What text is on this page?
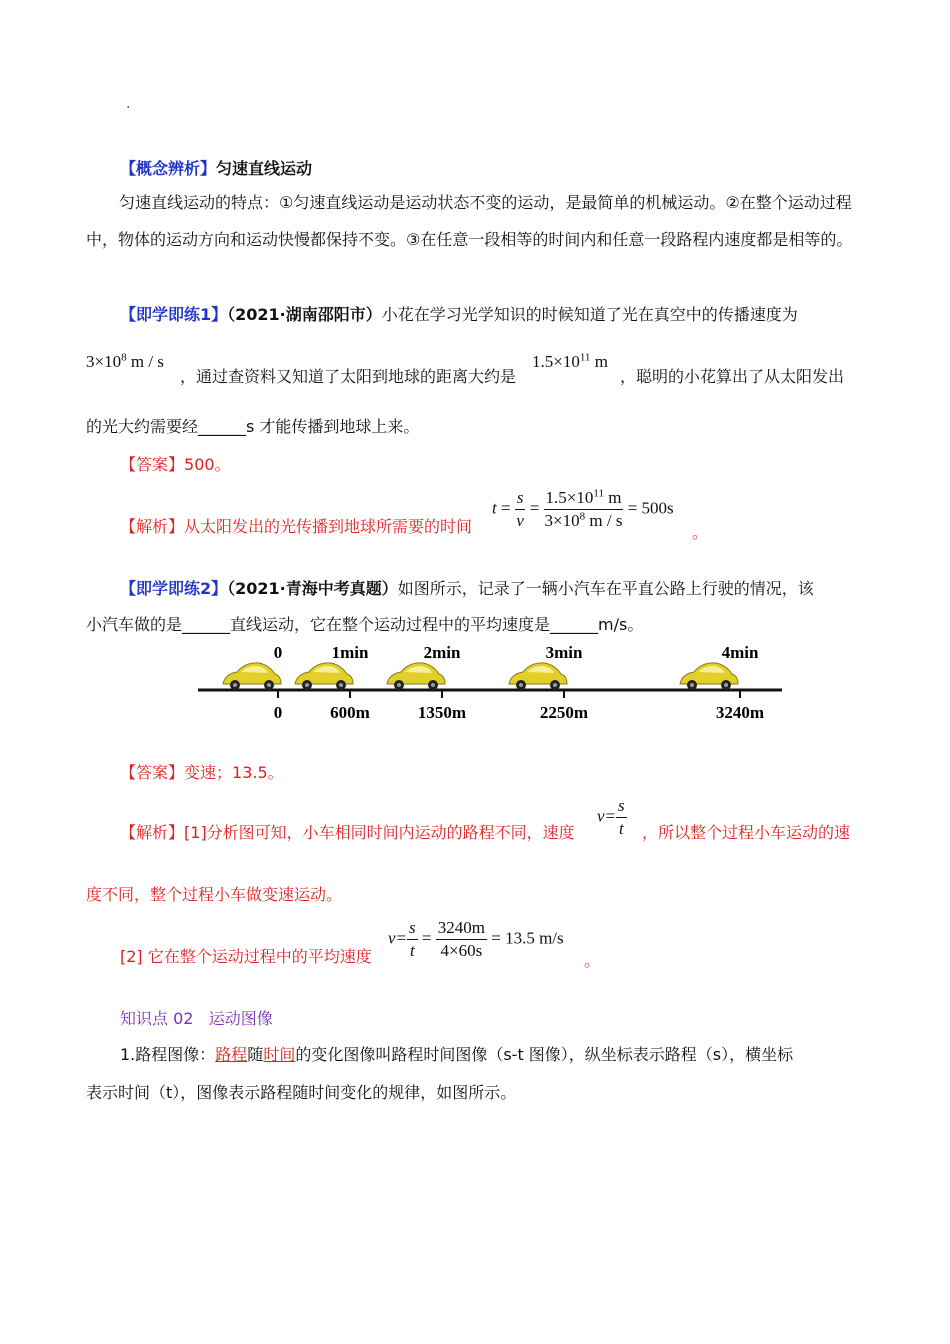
·
【概念辨析】匀速直线运动
匀速直线运动的特点：①匀速直线运动是运动状态不变的运动，是最简单的机械运动。②在整个运动过程中，物体的运动方向和运动快慢都保持不变。③在任意一段相等的时间内和任意一段路程内速度都是相等的。
【即学即练1】（2021·湖南邵阳市）小花在学习光学知识的时候知道了光在真空中的传播速度为
$3\times 10^8$ m / s
，通过查资料又知道了太阳到地球的距离大约是
$1.5\times 10^{11}$ m
，聪明的小花算出了从太阳发出
的光大约需要经______s 才能传播到地球上来。
【答案】500。
【解析】从太阳发出的光传播到地球所需要的时间
$t = \frac{s}{v} = \frac{1.5\times 10^{11} m}{3\times 10^8 m / s} = 500s$
。
【即学即练2】（2021·青海中考真题）如图所示，记录了一辆小汽车在平直公路上行驶的情况，该
小汽车做的是______直线运动，它在整个运动过程中的平均速度是______m/s。
0
0
1min
600m
2min
1350m
3min
2250m
4min
3240m
【答案】变速；13.5。
【解析】[1]分析图可知，小车相同时间内运动的路程不同，速度
$v= \frac{s}{t}$ ，所以整个过程小车运动的速
度不同，整个过程小车做变速运动。
[2] 它在整个运动过程中的平均速度
$v= \frac{s}{t} = \frac{3240m}{4\times 60s} = 13.5$ m/s
。
知识点 02 运动图像
1.路程图像：路程随时间的变化图像叫路程时间图像（s-t 图像），纵坐标表示路程（s），横坐标
表示时间（t），图像表示路程随时间变化的规律，如图所示。
